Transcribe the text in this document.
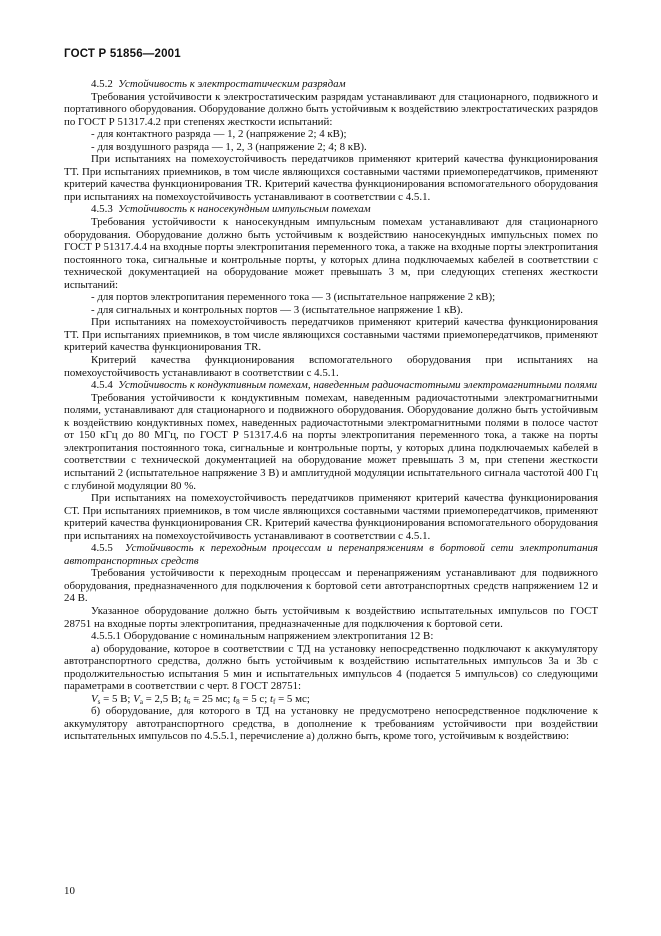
ГОСТ Р 51856—2001

4.5.2 Устойчивость к электростатическим разрядам

Требования устойчивости к электростатическим разрядам устанавливают для стационарного, подвижного и портативного оборудования. Оборудование должно быть устойчивым к воздействию электростатических разрядов по ГОСТ Р 51317.4.2 при степенях жесткости испытаний:

- для контактного разряда — 1, 2 (напряжение 2; 4 кВ);

- для воздушного разряда — 1, 2, 3 (напряжение 2; 4; 8 кВ).

При испытаниях на помехоустойчивость передатчиков применяют критерий качества функционирования ТТ. При испытаниях приемников, в том числе являющихся составными частями приемопередатчиков, применяют критерий качества функционирования TR. Критерий качества функционирования вспомогательного оборудования при испытаниях на помехоустойчивость устанавливают в соответствии с 4.5.1.

4.5.3 Устойчивость к наносекундным импульсным помехам

Требования устойчивости к наносекундным импульсным помехам устанавливают для стационарного оборудования. Оборудование должно быть устойчивым к воздействию наносекундных импульсных помех по ГОСТ Р 51317.4.4 на входные порты электропитания переменного тока, а также на входные порты электропитания постоянного тока, сигнальные и контрольные порты, у которых длина подключаемых кабелей в соответствии с технической документацией на оборудование может превышать 3 м, при следующих степенях жесткости испытаний:

- для портов электропитания переменного тока — 3 (испытательное напряжение 2 кВ);

- для сигнальных и контрольных портов — 3 (испытательное напряжение 1 кВ).

При испытаниях на помехоустойчивость передатчиков применяют критерий качества функционирования ТТ. При испытаниях приемников, в том числе являющихся составными частями приемопередатчиков, применяют критерий качества функционирования TR.

Критерий качества функционирования вспомогательного оборудования при испытаниях на помехоустойчивость устанавливают в соответствии с 4.5.1.

4.5.4 Устойчивость к кондуктивным помехам, наведенным радиочастотными электромагнитными полями

Требования устойчивости к кондуктивным помехам, наведенным радиочастотными электромагнитными полями, устанавливают для стационарного и подвижного оборудования. Оборудование должно быть устойчивым к воздействию кондуктивных помех, наведенных радиочастотными электромагнитными полями в полосе частот от 150 кГц до 80 МГц, по ГОСТ Р 51317.4.6 на порты электропитания переменного тока, а также на порты электропитания постоянного тока, сигнальные и контрольные порты, у которых длина подключаемых кабелей в соответствии с технической документацией на оборудование может превышать 3 м, при степени жесткости испытаний 2 (испытательное напряжение 3 В) и амплитудной модуляции испытательного сигнала частотой 400 Гц с глубиной модуляции 80 %.

При испытаниях на помехоустойчивость передатчиков применяют критерий качества функционирования СТ. При испытаниях приемников, в том числе являющихся составными частями приемопередатчиков, применяют критерий качества функционирования CR. Критерий качества функционирования вспомогательного оборудования при испытаниях на помехоустойчивость устанавливают в соответствии с 4.5.1.

4.5.5 Устойчивость к переходным процессам и перенапряжениям в бортовой сети электропитания автотранспортных средств

Требования устойчивости к переходным процессам и перенапряжениям устанавливают для подвижного оборудования, предназначенного для подключения к бортовой сети автотранспортных средств напряжением 12 и 24 В.

Указанное оборудование должно быть устойчивым к воздействию испытательных импульсов по ГОСТ 28751 на входные порты электропитания, предназначенные для подключения к бортовой сети.

4.5.5.1 Оборудование с номинальным напряжением электропитания 12 В:

а) оборудование, которое в соответствии с ТД на установку непосредственно подключают к аккумулятору автотранспортного средства, должно быть устойчивым к воздействию испытательных импульсов 3а и 3b с продолжительностью испытания 5 мин и испытательных импульсов 4 (подается 5 импульсов) со следующими параметрами в соответствии с черт. 8 ГОСТ 28751:

$V_s = 5$ В; $V_a = 2,5$ В; $t_6 = 25$ мс; $t_8 = 5$ с; $t_f = 5$ мс;

б) оборудование, для которого в ТД на установку не предусмотрено непосредственное подключение к аккумулятору автотранспортного средства, в дополнение к требованиям устойчивости при воздействии испытательных импульсов по 4.5.5.1, перечисление а) должно быть, кроме того, устойчивым к воздействию:

10
